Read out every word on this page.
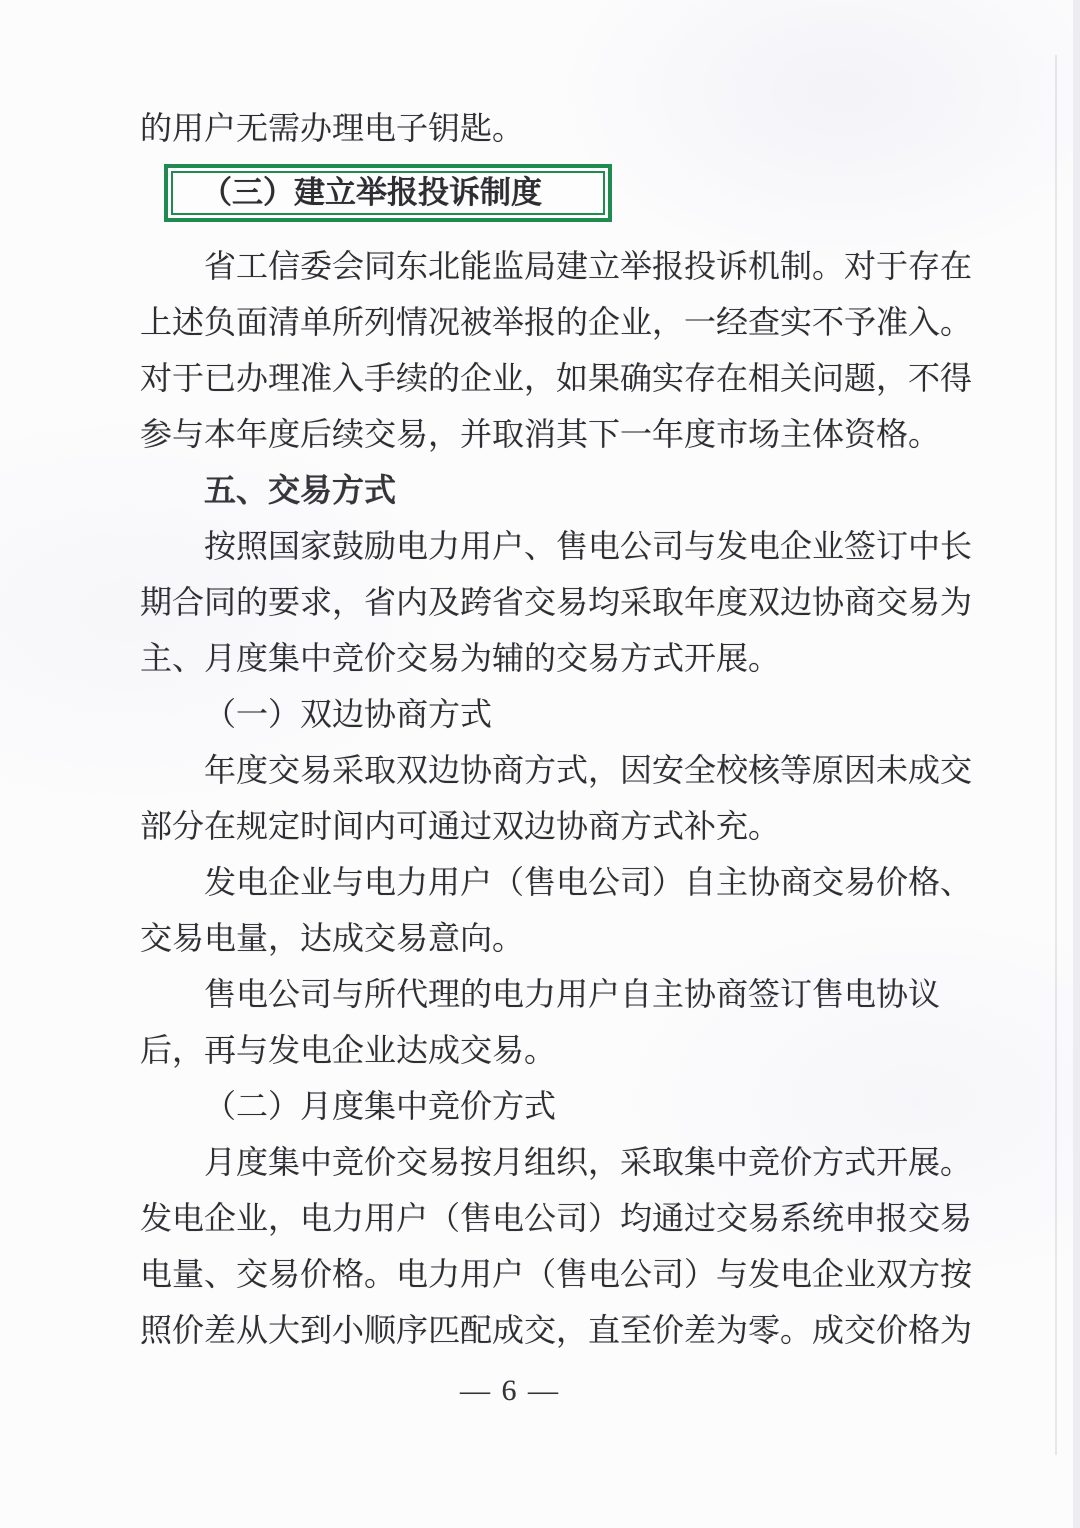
的用户无需办理电子钥匙。
（三）建立举报投诉制度
省工信委会同东北能监局建立举报投诉机制。对于存在
上述负面清单所列情况被举报的企业，一经查实不予准入。
对于已办理准入手续的企业，如果确实存在相关问题，不得
参与本年度后续交易，并取消其下一年度市场主体资格。
五、交易方式
按照国家鼓励电力用户、售电公司与发电企业签订中长
期合同的要求，省内及跨省交易均采取年度双边协商交易为
主、月度集中竞价交易为辅的交易方式开展。
（一）双边协商方式
年度交易采取双边协商方式，因安全校核等原因未成交
部分在规定时间内可通过双边协商方式补充。
发电企业与电力用户（售电公司）自主协商交易价格、
交易电量，达成交易意向。
售电公司与所代理的电力用户自主协商签订售电协议
后，再与发电企业达成交易。
（二）月度集中竞价方式
月度集中竞价交易按月组织，采取集中竞价方式开展。
发电企业，电力用户（售电公司）均通过交易系统申报交易
电量、交易价格。电力用户（售电公司）与发电企业双方按
照价差从大到小顺序匹配成交，直至价差为零。成交价格为
— 6 —
